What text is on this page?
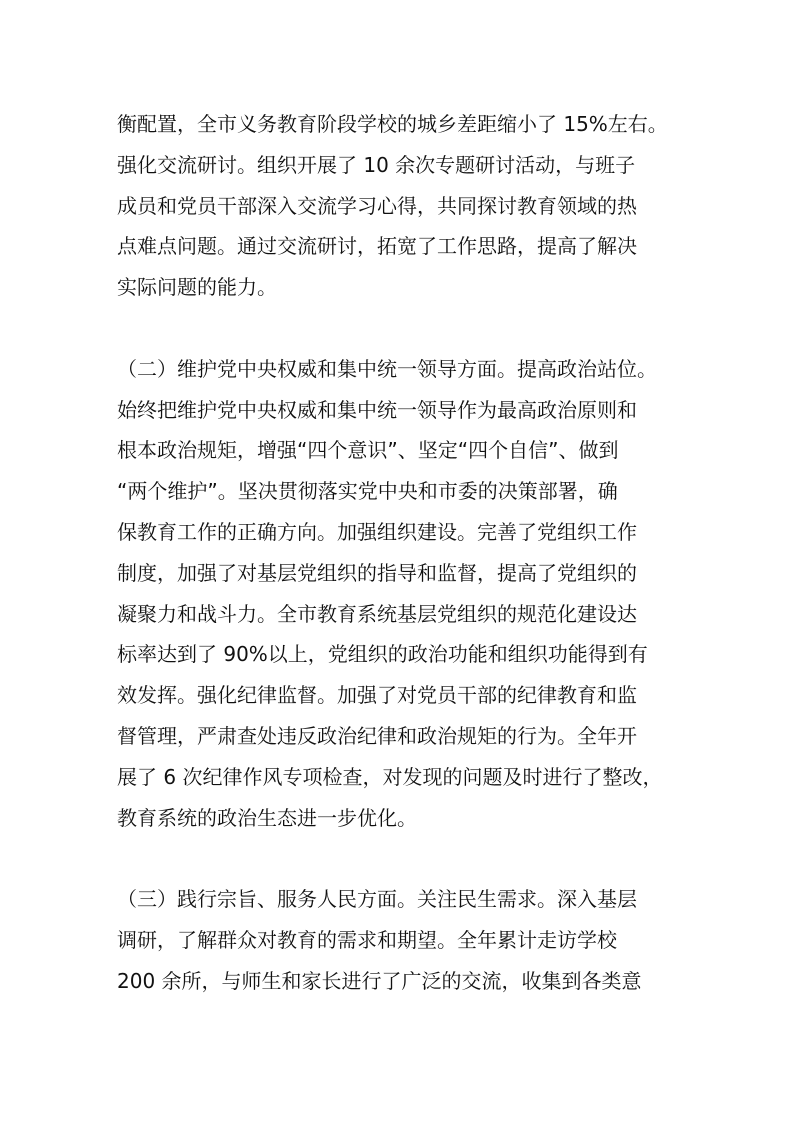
衡配置，全市义务教育阶段学校的城乡差距缩小了 15%左右。
强化交流研讨。组织开展了 10 余次专题研讨活动，与班子
成员和党员干部深入交流学习心得，共同探讨教育领域的热
点难点问题。通过交流研讨，拓宽了工作思路，提高了解决
实际问题的能力。
（二）维护党中央权威和集中统一领导方面。提高政治站位。
始终把维护党中央权威和集中统一领导作为最高政治原则和
根本政治规矩，增强“四个意识”、坚定“四个自信”、做到
“两个维护”。坚决贯彻落实党中央和市委的决策部署，确
保教育工作的正确方向。加强组织建设。完善了党组织工作
制度，加强了对基层党组织的指导和监督，提高了党组织的
凝聚力和战斗力。全市教育系统基层党组织的规范化建设达
标率达到了 90%以上，党组织的政治功能和组织功能得到有
效发挥。强化纪律监督。加强了对党员干部的纪律教育和监
督管理，严肃查处违反政治纪律和政治规矩的行为。全年开
展了 6 次纪律作风专项检查，对发现的问题及时进行了整改，
教育系统的政治生态进一步优化。
（三）践行宗旨、服务人民方面。关注民生需求。深入基层
调研，了解群众对教育的需求和期望。全年累计走访学校
200 余所，与师生和家长进行了广泛的交流，收集到各类意
